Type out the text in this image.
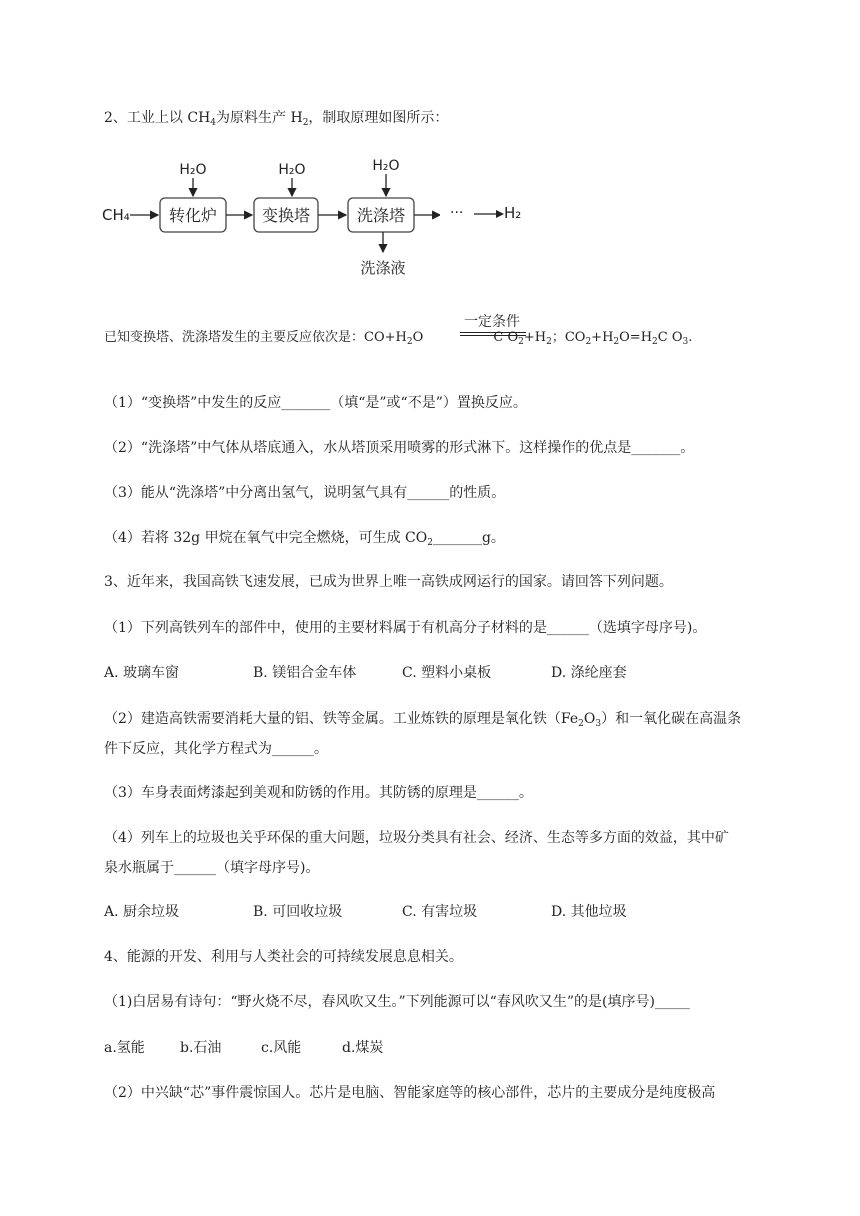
2、工业上以 $CH_4$为原料生产 $H_2$，制取原理如图所示：
CH₄ 转化炉
H₂O
变换塔
H₂O
洗涤塔
H₂O
洗涤液
···	H₂
已知变换塔、洗涤塔发生的主要反应依次是：$CO+H_2O$	C $O_2+H_2$；$CO_2+H_2O=H_2C$ $O_3$.
一定条件
（1）“变换塔”中发生的反应_______（填“是”或“不是”）置换反应。
（2）“洗涤塔”中气体从塔底通入，水从塔顶采用喷雾的形式淋下。这样操作的优点是_______。
（3）能从“洗涤塔”中分离出氢气，说明氢气具有______的性质。
（4）若将 32g 甲烷在氧气中完全燃烧，可生成 $CO_2\_\_\_\_\_\_\_g$。
3、近年来，我国高铁飞速发展，已成为世界上唯一高铁成网运行的国家。请回答下列问题。
（1）下列高铁列车的部件中，使用的主要材料属于有机高分子材料的是______（选填字母序号)。
A. 玻璃车窗	B. 镁铝合金车体	C. 塑料小桌板	D. 涤纶座套
（2）建造高铁需要消耗大量的铝、铁等金属。工业炼铁的原理是氧化铁$(Fe_2O_3)$和一氧化碳在高温条
件下反应，其化学方程式为______。
（3）车身表面烤漆起到美观和防锈的作用。其防锈的原理是______。
（4）列车上的垃圾也关乎环保的重大问题，垃圾分类具有社会、经济、生态等多方面的效益，其中矿
泉水瓶属于______（填字母序号)。
A. 厨余垃圾	B. 可回收垃圾	C. 有害垃圾	D. 其他垃圾
4、能源的开发、利用与人类社会的可持续发展息息相关。
（1)白居易有诗句：“野火烧不尽，春风吹又生。”下列能源可以“春风吹又生”的是(填序号)_____
a.氢能	b.石油	c.风能	d.煤炭
（2）中兴缺“芯”事件震惊国人。芯片是电脑、智能家庭等的核心部件，芯片的主要成分是纯度极高
